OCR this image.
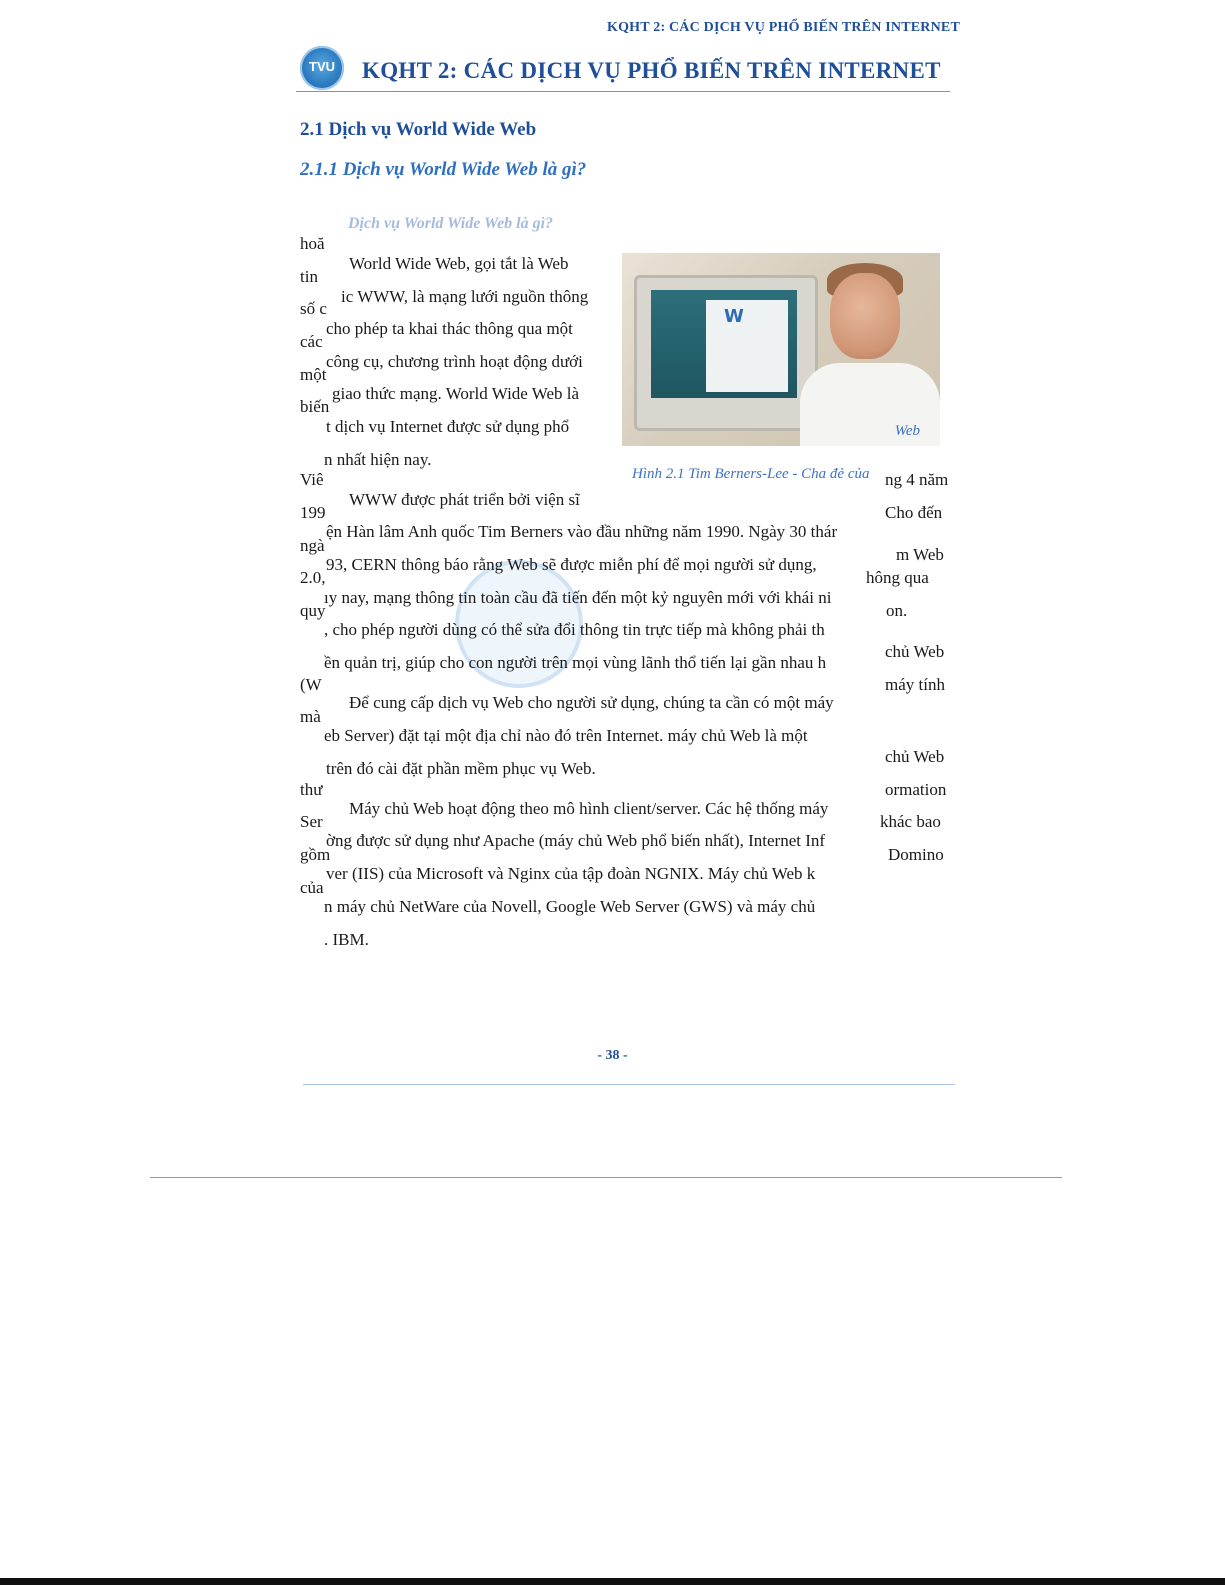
KQHT 2: CÁC DỊCH VỤ PHỔ BIẾN TRÊN INTERNET
TVU	KQHT 2: CÁC DỊCH VỤ PHỔ BIẾN TRÊN INTERNET
2.1 Dịch vụ World Wide Web
2.1.1 Dịch vụ World Wide Web là gì?
Dịch vụ World Wide Web là gì?
hoă
tin
số c
các
một
biến
Viê
199
ngà
2.0,
quy
(W
mà
thư
Ser
gồm
của
World Wide Web, gọi tắt là Web
ic WWW, là mạng lưới nguồn thông
cho phép ta khai thác thông qua một
công cụ, chương trình hoạt động dưới
giao thức mạng. World Wide Web là
t dịch vụ Internet được sử dụng phổ
n nhất hiện nay.
W
Web
Hình 2.1 Tim Berners-Lee - Cha đẻ của
WWW được phát triển bởi viện sĩ
ện Hàn lâm Anh quốc Tim Berners vào đầu những năm 1990. Ngày 30 thár
93, CERN thông báo rằng Web sẽ được miễn phí để mọi người sử dụng,
ıy nay, mạng thông tin toàn cầu đã tiến đến một kỷ nguyên mới với khái ni
, cho phép người dùng có thể sửa đổi thông tin trực tiếp mà không phải th
ền quản trị, giúp cho con người trên mọi vùng lãnh thổ tiến lại gần nhau h
Để cung cấp dịch vụ Web cho người sử dụng, chúng ta cần có một máy
eb Server) đặt tại một địa chỉ nào đó trên Internet. máy chủ Web là một
trên đó cài đặt phần mềm phục vụ Web.
Máy chủ Web hoạt động theo mô hình client/server. Các hệ thống máy
ờng được sử dụng như Apache (máy chủ Web phổ biến nhất), Internet Inf
ver (IIS) của Microsoft và Nginx của tập đoàn NGNIX. Máy chủ Web k
n máy chủ NetWare của Novell, Google Web Server (GWS) và máy chủ
. IBM.
ng 4 năm
Cho đến
m Web
hông qua
on.
chủ Web
máy tính
chủ Web
ormation
khác bao
Domino
- 38 -
